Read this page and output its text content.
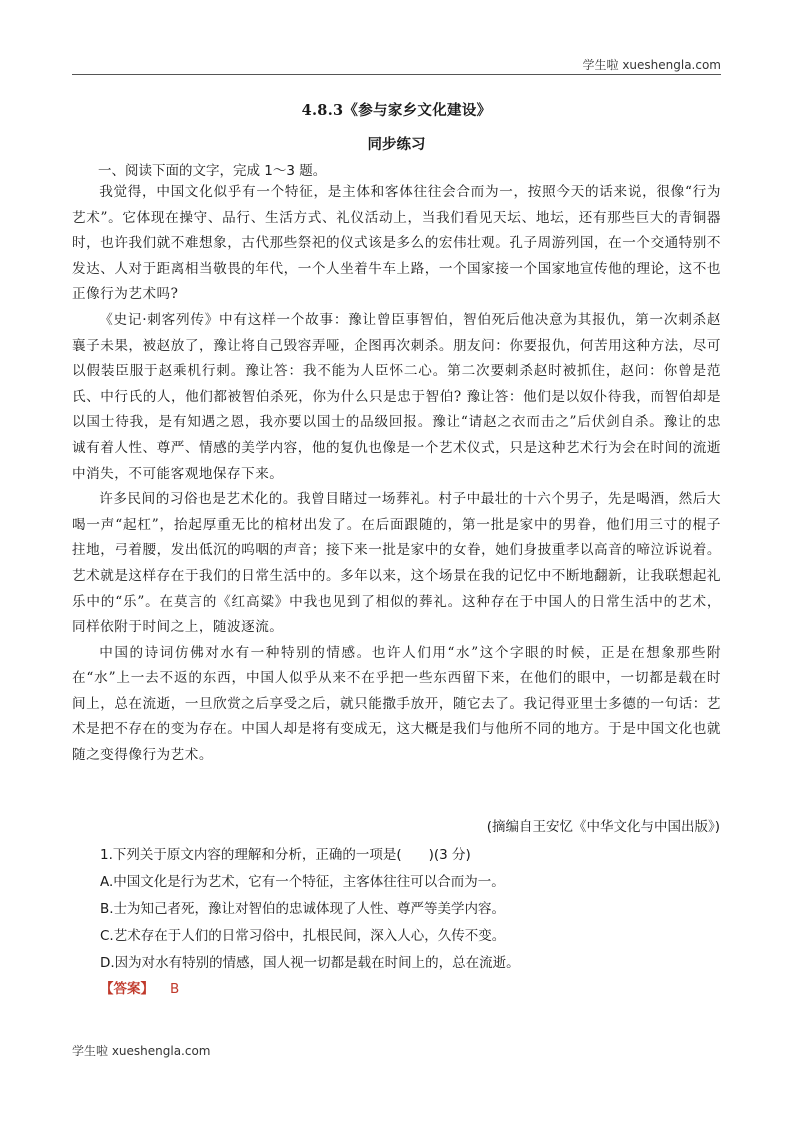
学生啦 xueshengla.com
4.8.3《参与家乡文化建设》
同步练习
一、阅读下面的文字，完成 1～3 题。

我觉得，中国文化似乎有一个特征，是主体和客体往往会合而为一，按照今天的话来说，很像“行为艺术”。它体现在操守、品行、生活方式、礼仪活动上，当我们看见天坛、地坛，还有那些巨大的青铜器时，也许我们就不难想象，古代那些祭祀的仪式该是多么的宏伟壮观。孔子周游列国，在一个交通特别不发达、人对于距离相当敬畏的年代，一个人坐着牛车上路，一个国家接一个国家地宣传他的理论，这不也正像行为艺术吗?

《史记·刺客列传》中有这样一个故事：豫让曾臣事智伯，智伯死后他决意为其报仇，第一次刺杀赵襄子未果，被赵放了，豫让将自己毁容弄哑，企图再次刺杀。朋友问：你要报仇，何苦用这种方法，尽可以假装臣服于赵乘机行刺。豫让答：我不能为人臣怀二心。第二次要刺杀赵时被抓住，赵问：你曾是范氏、中行氏的人，他们都被智伯杀死，你为什么只是忠于智伯? 豫让答：他们是以奴仆待我，而智伯却是以国士待我，是有知遇之恩，我亦要以国士的品级回报。豫让“请赵之衣而击之”后伏剑自杀。豫让的忠诚有着人性、尊严、情感的美学内容，他的复仇也像是一个艺术仪式，只是这种艺术行为会在时间的流逝中消失，不可能客观地保存下来。

许多民间的习俗也是艺术化的。我曾目睹过一场葬礼。村子中最壮的十六个男子，先是喝酒，然后大喝一声“起杠”，抬起厚重无比的棺材出发了。在后面跟随的，第一批是家中的男眷，他们用三寸的棍子拄地，弓着腰，发出低沉的呜咽的声音；接下来一批是家中的女眷，她们身披重孝以高音的啼泣诉说着。艺术就是这样存在于我们的日常生活中的。多年以来，这个场景在我的记忆中不断地翻新，让我联想起礼乐中的“乐”。在莫言的《红高粱》中我也见到了相似的葬礼。这种存在于中国人的日常生活中的艺术，同样依附于时间之上，随波逐流。

中国的诗词仿佛对水有一种特别的情感。也许人们用“水”这个字眼的时候，正是在想象那些附在“水”上一去不返的东西，中国人似乎从来不在乎把一些东西留下来，在他们的眼中，一切都是载在时间上，总在流逝，一旦欣赏之后享受之后，就只能撒手放开，随它去了。我记得亚里士多德的一句话：艺术是把不存在的变为存在。中国人却是将有变成无，这大概是我们与他所不同的地方。于是中国文化也就随之变得像行为艺术。

(摘编自王安忆《中华文化与中国出版》)
1.下列关于原文内容的理解和分析，正确的一项是(　　)(3 分)
A.中国文化是行为艺术，它有一个特征，主客体往往可以合而为一。
B.士为知己者死，豫让对智伯的忠诚体现了人性、尊严等美学内容。
C.艺术存在于人们的日常习俗中，扎根民间，深入人心，久传不变。
D.因为对水有特别的情感，国人视一切都是载在时间上的，总在流逝。
【答案】 B
学生啦 xueshengla.com
